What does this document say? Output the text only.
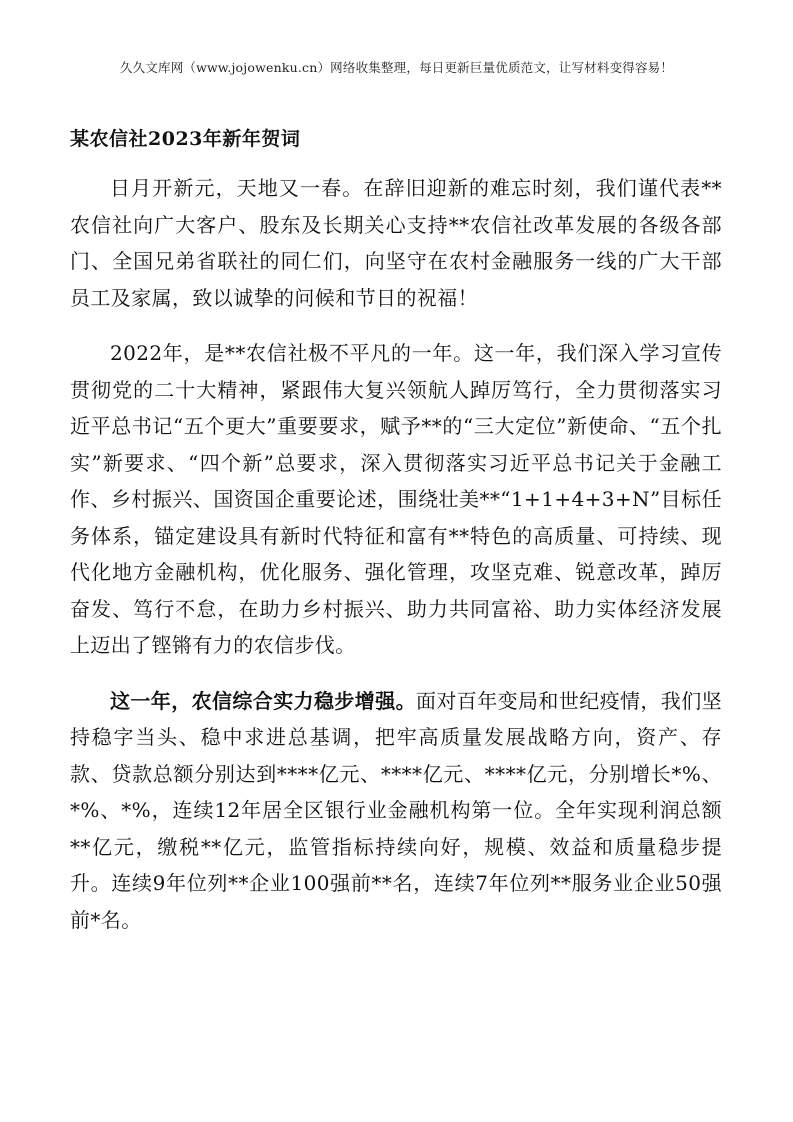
久久文库网（www.jojowenku.cn）网络收集整理，每日更新巨量优质范文，让写材料变得容易！
某农信社2023年新年贺词

日月开新元，天地又一春。在辞旧迎新的难忘时刻，我们谨代表**农信社向广大客户、股东及长期关心支持**农信社改革发展的各级各部门、全国兄弟省联社的同仁们，向坚守在农村金融服务一线的广大干部员工及家属，致以诚挚的问候和节日的祝福！

2022年，是**农信社极不平凡的一年。这一年，我们深入学习宣传贯彻党的二十大精神，紧跟伟大复兴领航人踔厉笃行，全力贯彻落实习近平总书记“五个更大”重要要求，赋予**的“三大定位”新使命、“五个扎实”新要求、“四个新”总要求，深入贯彻落实习近平总书记关于金融工作、乡村振兴、国资国企重要论述，围绕壮美**“1+1+4+3+N”目标任务体系，锚定建设具有新时代特征和富有**特色的高质量、可持续、现代化地方金融机构，优化服务、强化管理，攻坚克难、锐意改革，踔厉奋发、笃行不怠，在助力乡村振兴、助力共同富裕、助力实体经济发展上迈出了铿锵有力的农信步伐。

这一年，农信综合实力稳步增强。面对百年变局和世纪疫情，我们坚持稳字当头、稳中求进总基调，把牢高质量发展战略方向，资产、存款、贷款总额分别达到****亿元、****亿元、****亿元，分别增长*%、*%、*%，连续12年居全区银行业金融机构第一位。全年实现利润总额**亿元，缴税**亿元，监管指标持续向好，规模、效益和质量稳步提升。连续9年位列**企业100强前**名，连续7年位列**服务业企业50强前*名。
